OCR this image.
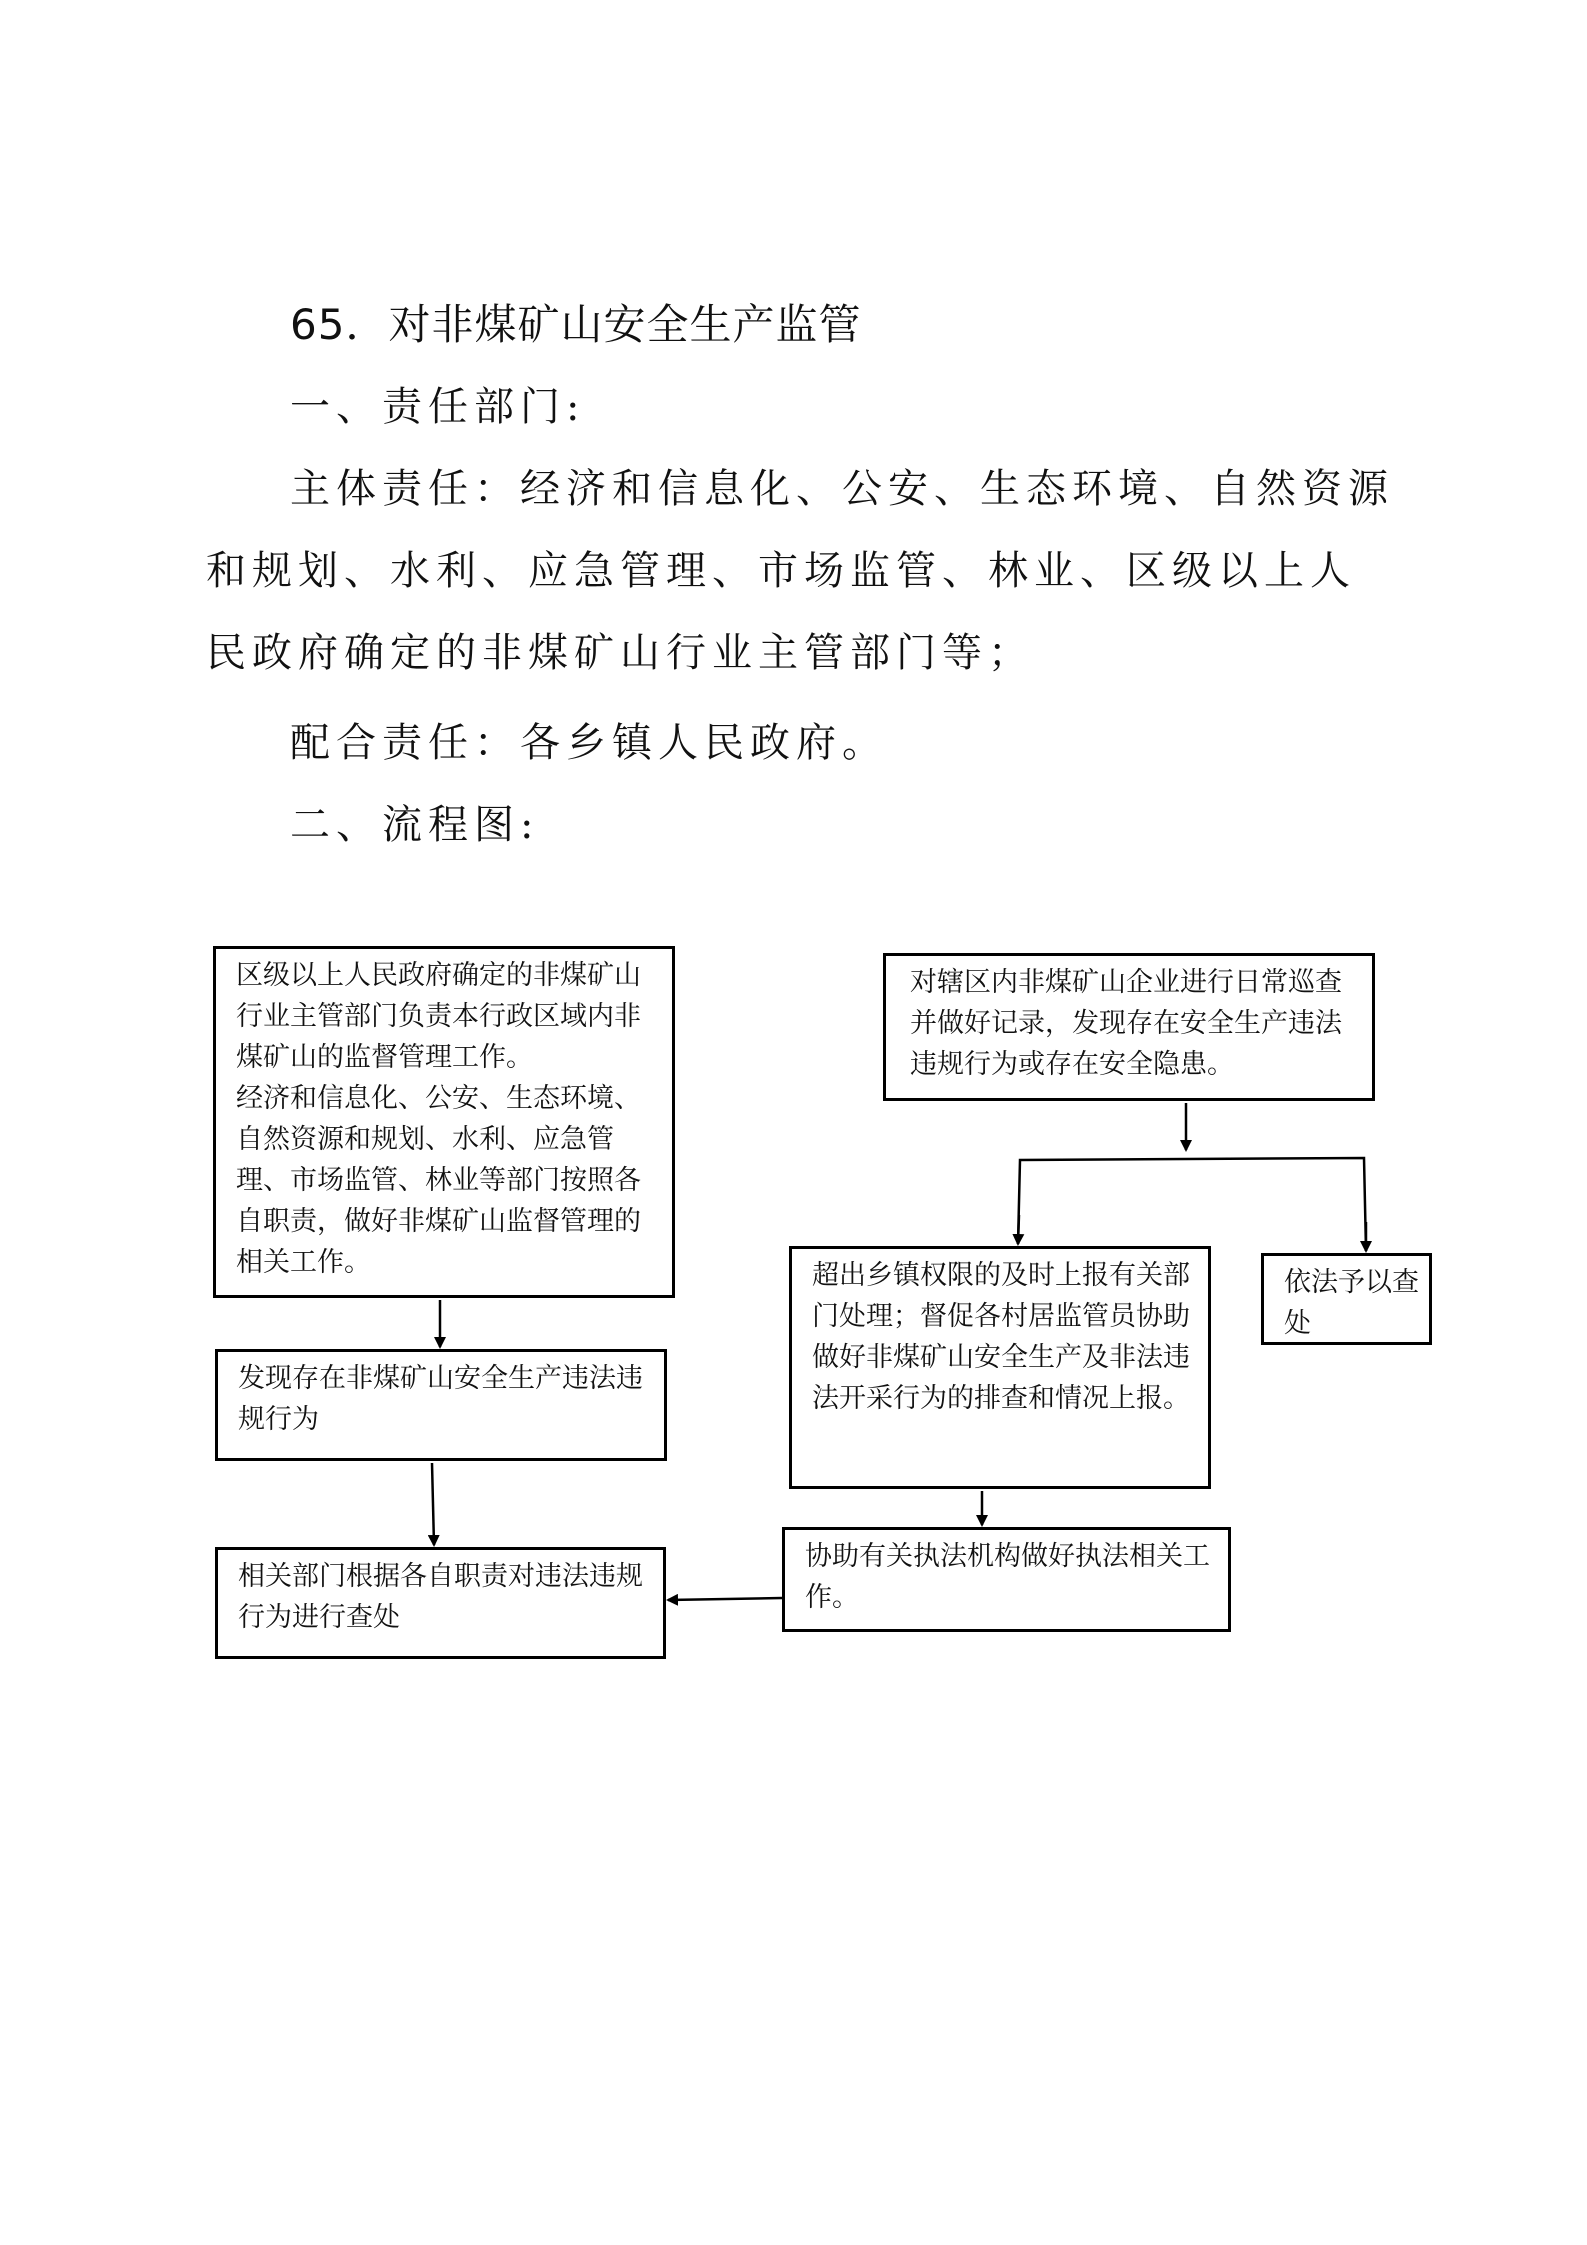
65．对非煤矿山安全生产监管
一、责任部门:
主体责任：经济和信息化、公安、生态环境、自然资源和规划、水利、应急管理、市场监管、林业、区级以上人民政府确定的非煤矿山行业主管部门等；
配合责任：各乡镇人民政府。
二、流程图:
区级以上人民政府确定的非煤矿山行业主管部门负责本行政区域内非煤矿山的监督管理工作。
经济和信息化、公安、生态环境、自然资源和规划、水利、应急管理、市场监管、林业等部门按照各自职责，做好非煤矿山监督管理的相关工作。
发现存在非煤矿山安全生产违法违规行为
相关部门根据各自职责对违法违规行为进行查处
对辖区内非煤矿山企业进行日常巡查并做好记录，发现存在安全生产违法违规行为或存在安全隐患。
超出乡镇权限的及时上报有关部门处理；督促各村居监管员协助做好非煤矿山安全生产及非法违法开采行为的排查和情况上报。
依法予以查处
协助有关执法机构做好执法相关工作。
